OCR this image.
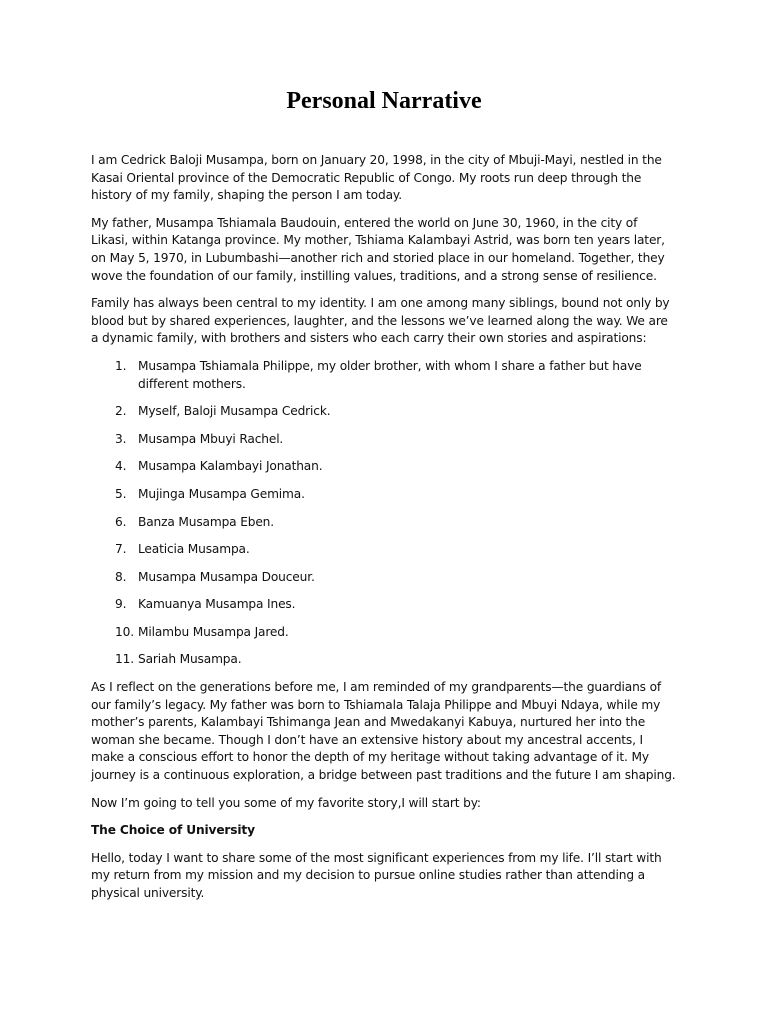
Personal Narrative

I am Cedrick Baloji Musampa, born on January 20, 1998, in the city of Mbuji-Mayi, nestled in the Kasai Oriental province of the Democratic Republic of Congo. My roots run deep through the history of my family, shaping the person I am today.

My father, Musampa Tshiamala Baudouin, entered the world on June 30, 1960, in the city of Likasi, within Katanga province. My mother, Tshiama Kalambayi Astrid, was born ten years later, on May 5, 1970, in Lubumbashi—another rich and storied place in our homeland. Together, they wove the foundation of our family, instilling values, traditions, and a strong sense of resilience.

Family has always been central to my identity. I am one among many siblings, bound not only by blood but by shared experiences, laughter, and the lessons we’ve learned along the way. We are a dynamic family, with brothers and sisters who each carry their own stories and aspirations:

1. Musampa Tshiamala Philippe, my older brother, with whom I share a father but have different mothers.
2. Myself, Baloji Musampa Cedrick.
3. Musampa Mbuyi Rachel.
4. Musampa Kalambayi Jonathan.
5. Mujinga Musampa Gemima.
6. Banza Musampa Eben.
7. Leaticia Musampa.
8. Musampa Musampa Douceur.
9. Kamuanya Musampa Ines.
10. Milambu Musampa Jared.
11. Sariah Musampa.

As I reflect on the generations before me, I am reminded of my grandparents—the guardians of our family’s legacy. My father was born to Tshiamala Talaja Philippe and Mbuyi Ndaya, while my mother’s parents, Kalambayi Tshimanga Jean and Mwedakanyi Kabuya, nurtured her into the woman she became. Though I don’t have an extensive history about my ancestral accents, I make a conscious effort to honor the depth of my heritage without taking advantage of it. My journey is a continuous exploration, a bridge between past traditions and the future I am shaping.

Now I’m going to tell you some of my favorite story,I will start by:

The Choice of University

Hello, today I want to share some of the most significant experiences from my life. I’ll start with my return from my mission and my decision to pursue online studies rather than attending a physical university.
